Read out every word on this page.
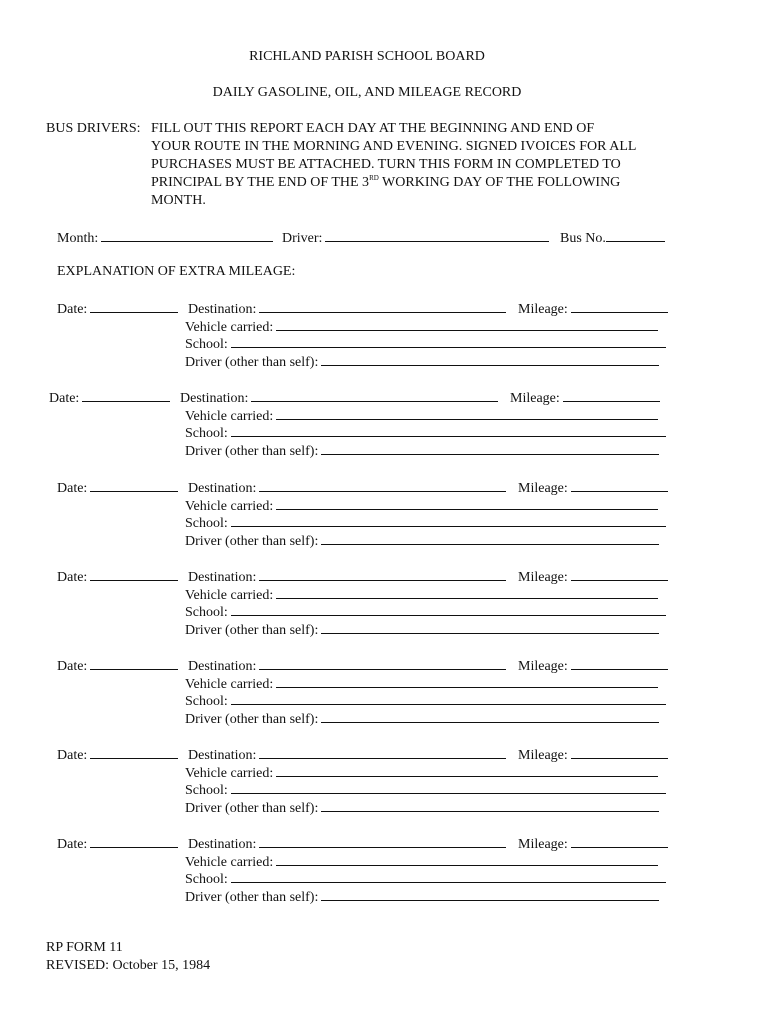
RICHLAND PARISH SCHOOL BOARD
DAILY GASOLINE, OIL, AND MILEAGE RECORD
BUS DRIVERS: FILL OUT THIS REPORT EACH DAY AT THE BEGINNING AND END OF
YOUR ROUTE IN THE MORNING AND EVENING. SIGNED IVOICES FOR ALL
PURCHASES MUST BE ATTACHED. TURN THIS FORM IN COMPLETED TO
PRINCIPAL BY THE END OF THE 3RD WORKING DAY OF THE FOLLOWING
MONTH.
Month:	Driver:	Bus No.
EXPLANATION OF EXTRA MILEAGE:
Date:	Destination:	Mileage:
Vehicle carried:
School:
Driver (other than self):
Date:	Destination:	Mileage:
Vehicle carried:
School:
Driver (other than self):
Date:	Destination:	Mileage:
Vehicle carried:
School:
Driver (other than self):
Date:	Destination:	Mileage:
Vehicle carried:
School:
Driver (other than self):
Date:	Destination:	Mileage:
Vehicle carried:
School:
Driver (other than self):
Date:	Destination:	Mileage:
Vehicle carried:
School:
Driver (other than self):
Date:	Destination:	Mileage:
Vehicle carried:
School:
Driver (other than self):
RP FORM 11
REVISED: October 15, 1984
